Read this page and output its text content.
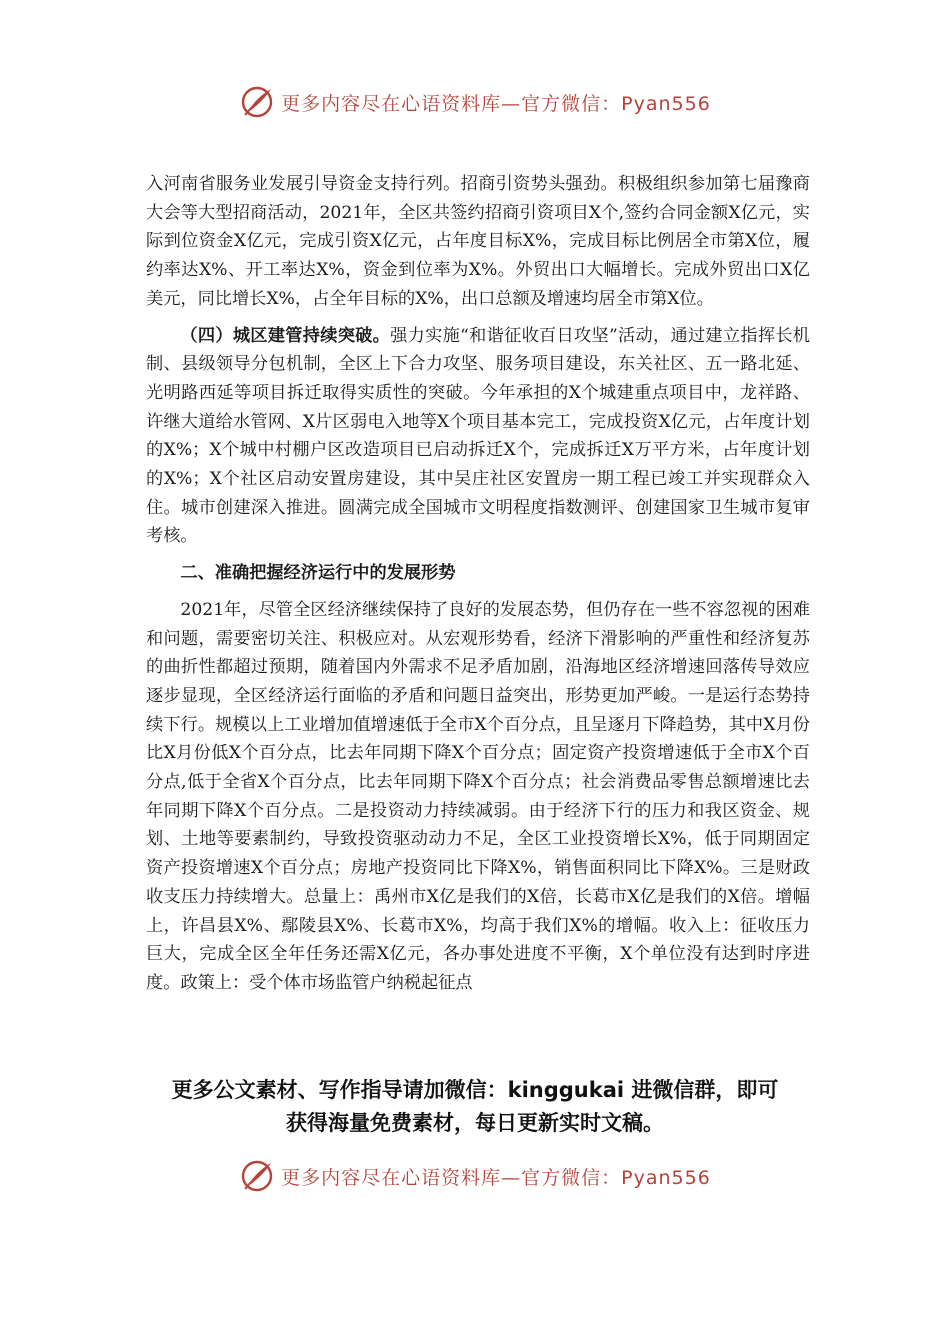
更多内容尽在心语资料库—官方微信：Pyan556

入河南省服务业发展引导资金支持行列。招商引资势头强劲。积极组织参加第七届豫商大会等大型招商活动，2021年，全区共签约招商引资项目X个,签约合同金额X亿元，实际到位资金X亿元，完成引资X亿元，占年度目标X%，完成目标比例居全市第X位，履约率达X%、开工率达X%，资金到位率为X%。外贸出口大幅增长。完成外贸出口X亿美元，同比增长X%，占全年目标的X%，出口总额及增速均居全市第X位。

（四）城区建管持续突破。强力实施“和谐征收百日攻坚”活动，通过建立指挥长机制、县级领导分包机制，全区上下合力攻坚、服务项目建设，东关社区、五一路北延、光明路西延等项目拆迁取得实质性的突破。今年承担的X个城建重点项目中，龙祥路、许继大道给水管网、X片区弱电入地等X个项目基本完工，完成投资X亿元，占年度计划的X%；X个城中村棚户区改造项目已启动拆迁X个，完成拆迁X万平方米，占年度计划的X%；X个社区启动安置房建设，其中吴庄社区安置房一期工程已竣工并实现群众入住。城市创建深入推进。圆满完成全国城市文明程度指数测评、创建国家卫生城市复审考核。

二、准确把握经济运行中的发展形势

2021年，尽管全区经济继续保持了良好的发展态势，但仍存在一些不容忽视的困难和问题，需要密切关注、积极应对。从宏观形势看，经济下滑影响的严重性和经济复苏的曲折性都超过预期，随着国内外需求不足矛盾加剧，沿海地区经济增速回落传导效应逐步显现，全区经济运行面临的矛盾和问题日益突出，形势更加严峻。一是运行态势持续下行。规模以上工业增加值增速低于全市X个百分点，且呈逐月下降趋势，其中X月份比X月份低X个百分点，比去年同期下降X个百分点；固定资产投资增速低于全市X个百分点,低于全省X个百分点，比去年同期下降X个百分点；社会消费品零售总额增速比去年同期下降X个百分点。二是投资动力持续减弱。由于经济下行的压力和我区资金、规划、土地等要素制约，导致投资驱动动力不足，全区工业投资增长X%，低于同期固定资产投资增速X个百分点；房地产投资同比下降X%，销售面积同比下降X%。三是财政收支压力持续增大。总量上：禹州市X亿是我们的X倍，长葛市X亿是我们的X倍。增幅上，许昌县X%、鄢陵县X%、长葛市X%，均高于我们X%的增幅。收入上：征收压力巨大，完成全区全年任务还需X亿元，各办事处进度不平衡，X个单位没有达到时序进度。政策上：受个体市场监管户纳税起征点

更多公文素材、写作指导请加微信：kinggukai 进微信群，即可
获得海量免费素材，每日更新实时文稿。
更多内容尽在心语资料库—官方微信：Pyan556
